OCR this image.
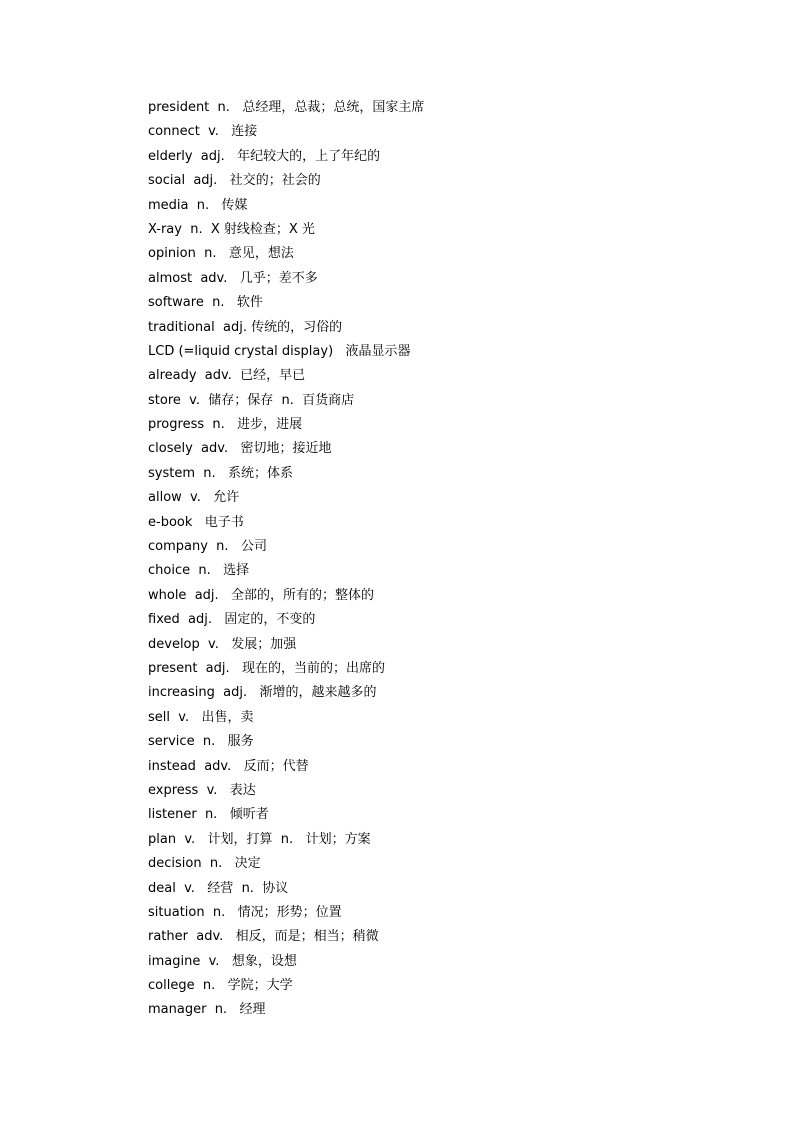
president  n.   总经理，总裁；总统，国家主席
connect  v.   连接
elderly  adj.   年纪较大的，上了年纪的
social  adj.   社交的；社会的
media  n.   传媒
X-ray  n.  X 射线检查；X 光
opinion  n.   意见，想法
almost  adv.   几乎；差不多
software  n.   软件
traditional  adj. 传统的，习俗的
LCD (=liquid crystal display)   液晶显示器
already  adv.  已经，早已
store  v.  储存；保存  n.  百货商店
progress  n.   进步，进展
closely  adv.   密切地；接近地
system  n.   系统；体系
allow  v.   允许
e-book   电子书
company  n.   公司
choice  n.   选择
whole  adj.   全部的，所有的；整体的
fixed  adj.   固定的，不变的
develop  v.   发展；加强
present  adj.   现在的，当前的；出席的
increasing  adj.   渐增的，越来越多的
sell  v.   出售，卖
service  n.   服务
instead  adv.   反而；代替
express  v.   表达
listener  n.   倾听者
plan  v.   计划，打算  n.   计划；方案
decision  n.   决定
deal  v.   经营  n.  协议
situation  n.   情况；形势；位置
rather  adv.   相反，而是；相当；稍微
imagine  v.   想象，设想
college  n.   学院；大学
manager  n.   经理
